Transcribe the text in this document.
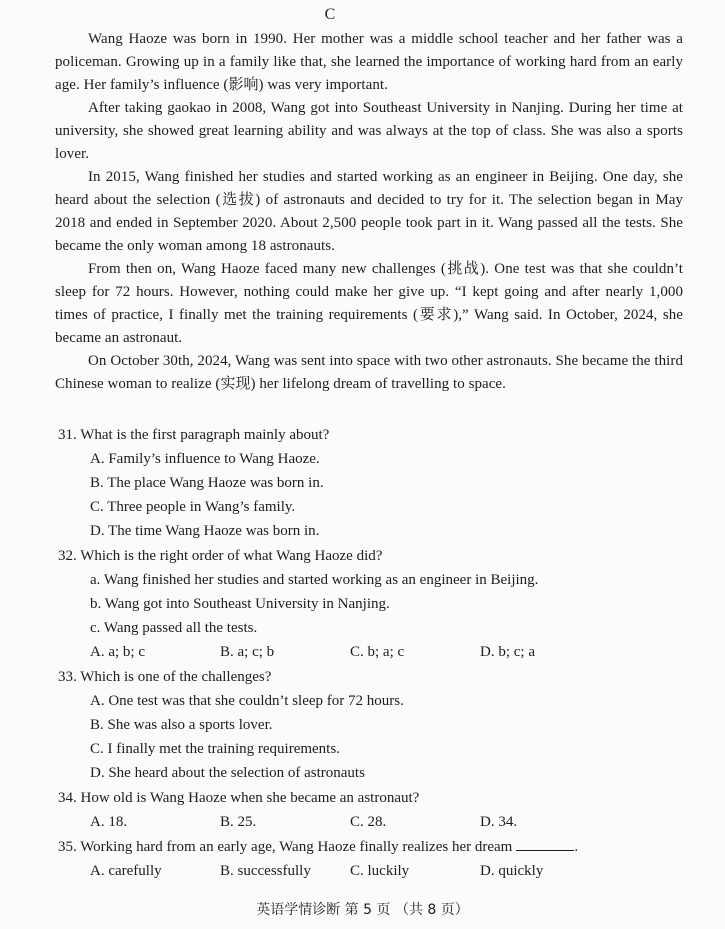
C

Wang Haoze was born in 1990. Her mother was a middle school teacher and her father was a policeman. Growing up in a family like that, she learned the importance of working hard from an early age. Her family’s influence (影响) was very important.

After taking gaokao in 2008, Wang got into Southeast University in Nanjing. During her time at university, she showed great learning ability and was always at the top of class. She was also a sports lover.

In 2015, Wang finished her studies and started working as an engineer in Beijing. One day, she heard about the selection (选拔) of astronauts and decided to try for it. The selection began in May 2018 and ended in September 2020. About 2,500 people took part in it. Wang passed all the tests. She became the only woman among 18 astronauts.

From then on, Wang Haoze faced many new challenges (挑战). One test was that she couldn’t sleep for 72 hours. However, nothing could make her give up. “I kept going and after nearly 1,000 times of practice, I finally met the training requirements (要求),” Wang said. In October, 2024, she became an astronaut.

On October 30th, 2024, Wang was sent into space with two other astronauts. She became the third Chinese woman to realize (实现) her lifelong dream of travelling to space.

31. What is the first paragraph mainly about?
A. Family’s influence to Wang Haoze.
B. The place Wang Haoze was born in.
C. Three people in Wang’s family.
D. The time Wang Haoze was born in.
32. Which is the right order of what Wang Haoze did?
a. Wang finished her studies and started working as an engineer in Beijing.
b. Wang got into Southeast University in Nanjing.
c. Wang passed all the tests.
A. a; b; c	B. a; c; b	C. b; a; c	D. b; c; a
33. Which is one of the challenges?
A. One test was that she couldn’t sleep for 72 hours.
B. She was also a sports lover.
C. I finally met the training requirements.
D. She heard about the selection of astronauts
34. How old is Wang Haoze when she became an astronaut?
A. 18.	B. 25.	C. 28.	D. 34.
35. Working hard from an early age, Wang Haoze finally realizes her dream	.
A. carefully	B. successfully	C. luckily	D. quickly
英语学情诊断 第 5 页 （共 8 页）
